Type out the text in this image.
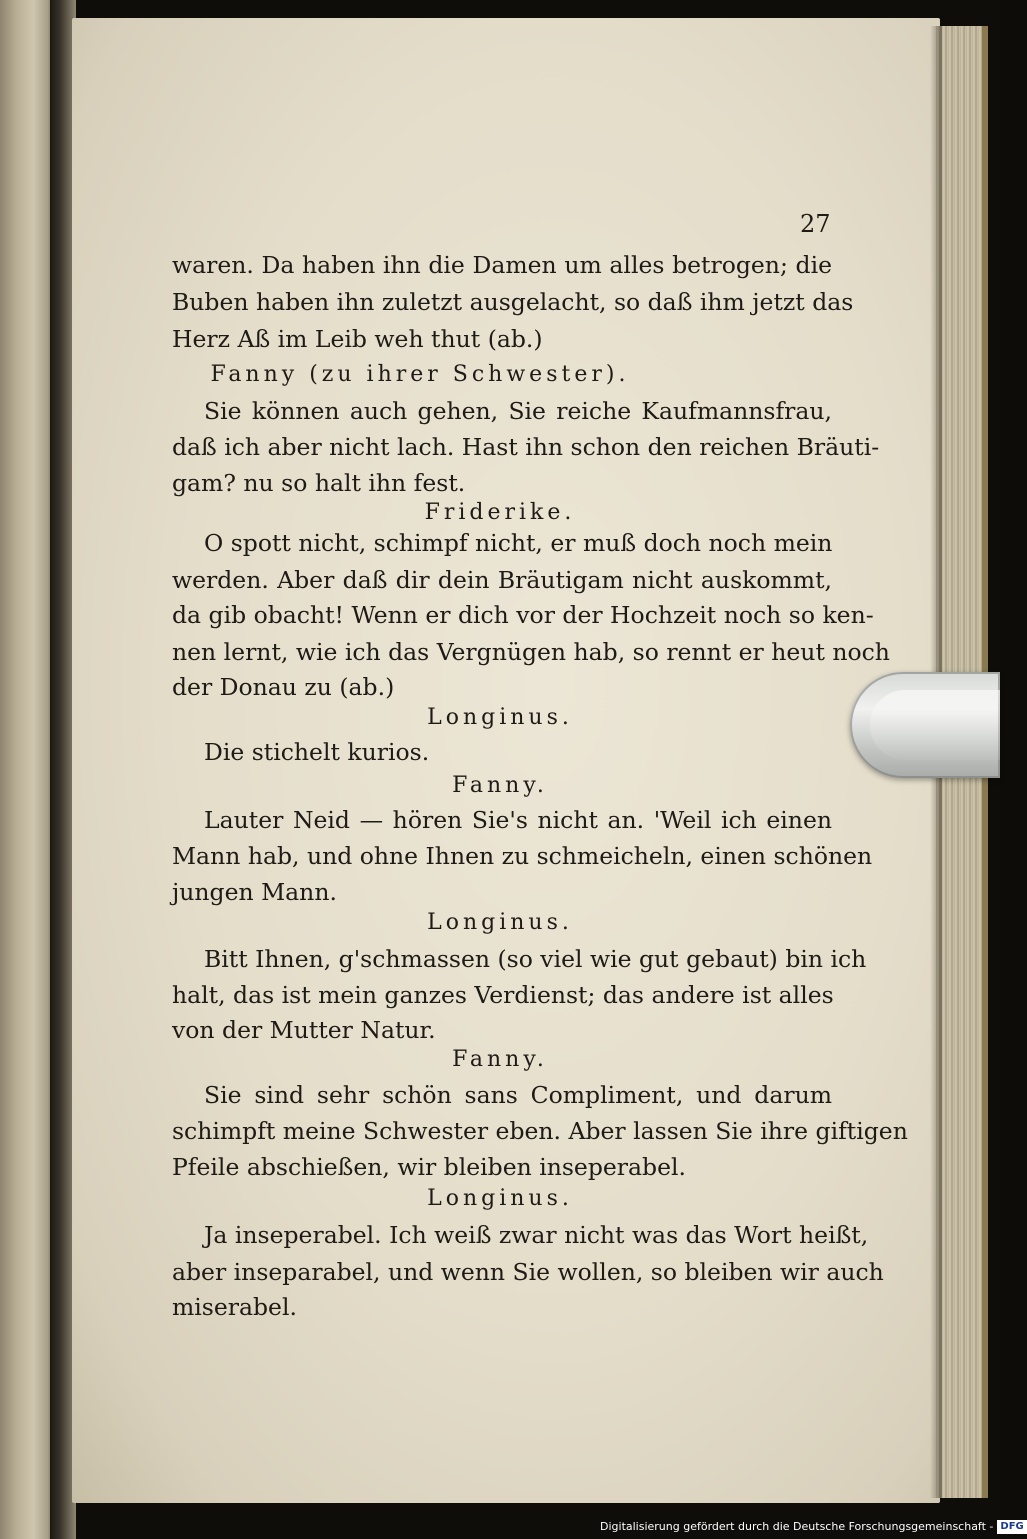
27
waren. Da haben ihn die Damen um alles betrogen; die
Buben haben ihn zuletzt ausgelacht, so daß ihm jetzt das
Herz Aß im Leib weh thut (ab.)
Fanny (zu ihrer Schwester).
Sie können auch gehen, Sie reiche Kaufmannsfrau,
daß ich aber nicht lach. Hast ihn schon den reichen Bräuti-
gam? nu so halt ihn fest.
Friderike.
O spott nicht, schimpf nicht, er muß doch noch mein
werden. Aber daß dir dein Bräutigam nicht auskommt,
da gib obacht! Wenn er dich vor der Hochzeit noch so ken-
nen lernt, wie ich das Vergnügen hab, so rennt er heut noch
der Donau zu (ab.)
Longinus.
Die stichelt kurios.
Fanny.
Lauter Neid — hören Sie's nicht an. 'Weil ich einen
Mann hab, und ohne Ihnen zu schmeicheln, einen schönen
jungen Mann.
Longinus.
Bitt Ihnen, g'schmassen (so viel wie gut gebaut) bin ich
halt, das ist mein ganzes Verdienst; das andere ist alles
von der Mutter Natur.
Fanny.
Sie sind sehr schön sans Compliment, und darum
schimpft meine Schwester eben. Aber lassen Sie ihre giftigen
Pfeile abschießen, wir bleiben inseperabel.
Longinus.
Ja inseperabel. Ich weiß zwar nicht was das Wort heißt,
aber inseparabel, und wenn Sie wollen, so bleiben wir auch
miserabel.
Digitalisierung gefördert durch die Deutsche Forschungsgemeinschaft - DFG
